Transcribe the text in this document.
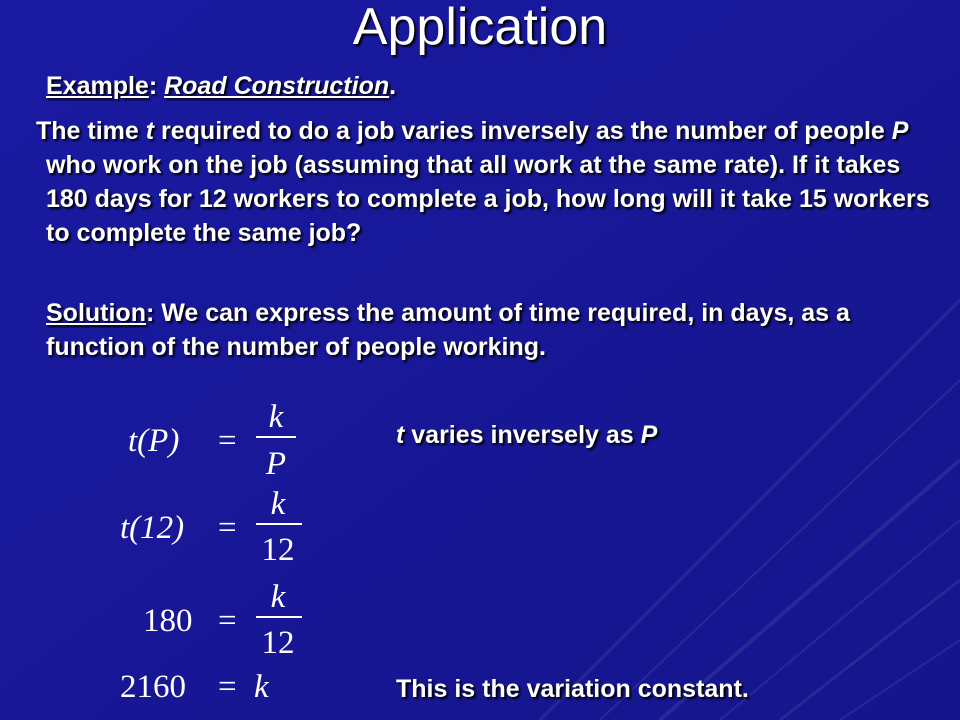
Application
Example: Road Construction.
The time t required to do a job varies inversely as the number of people P who work on the job (assuming that all work at the same rate). If it takes 180 days for 12 workers to complete a job, how long will it take 15 workers to complete the same job?
Solution: We can express the amount of time required, in days, as a function of the number of people working.
t(P) =
k
P
t(12) =
k
12
180 =
k
12
2160 = k
t varies inversely as P
This is the variation constant.
